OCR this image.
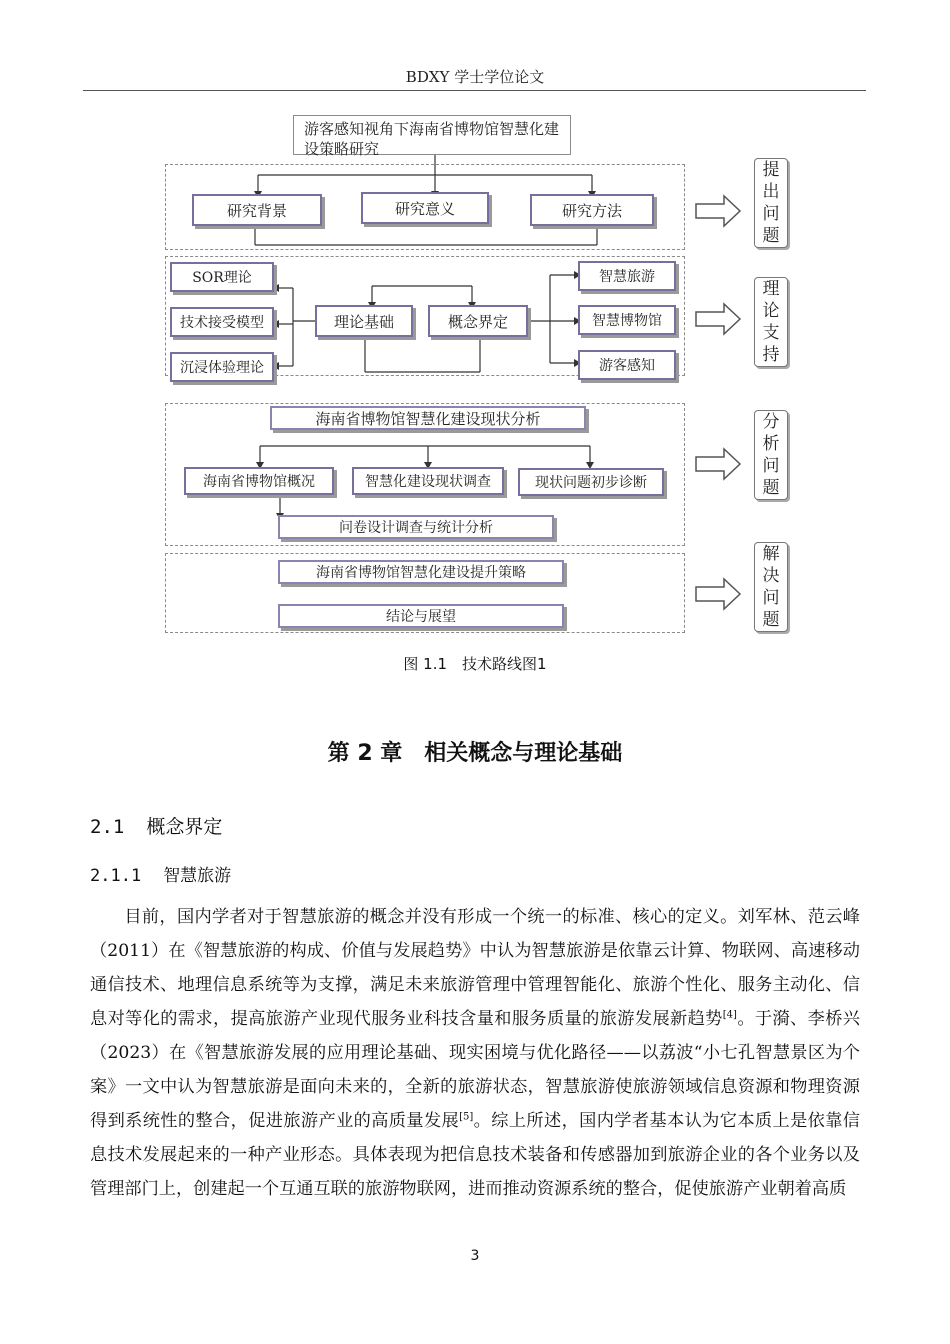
BDXY 学士学位论文
游客感知视角下海南省博物馆智慧化建设策略研究
研究背景	研究意义	研究方法
SOR理论
技术接受模型
沉浸体验理论
理论基础	概念界定
智慧旅游
智慧博物馆
游客感知
海南省博物馆智慧化建设现状分析
海南省博物馆概况	智慧化建设现状调查	现状问题初步诊断
问卷设计调查与统计分析
海南省博物馆智慧化建设提升策略
结论与展望
提
出
问
题
理
论
支
持
分
析
问
题
解
决
问
题
图 1.1　技术路线图1
第 2 章　相关概念与理论基础
2.1 概念界定
2.1.1 智慧旅游

目前，国内学者对于智慧旅游的概念并没有形成一个统一的标准、核心的定义。刘军林、范云峰（2011）在《智慧旅游的构成、价值与发展趋势》中认为智慧旅游是依靠云计算、物联网、高速移动通信技术、地理信息系统等为支撑，满足未来旅游管理中管理智能化、旅游个性化、服务主动化、信息对等化的需求，提高旅游产业现代服务业科技含量和服务质量的旅游发展新趋势[4]。于漪、李桥兴（2023）在《智慧旅游发展的应用理论基础、现实困境与优化路径——以荔波“小七孔智慧景区为个案》一文中认为智慧旅游是面向未来的，全新的旅游状态，智慧旅游使旅游领域信息资源和物理资源得到系统性的整合，促进旅游产业的高质量发展[5]。综上所述，国内学者基本认为它本质上是依靠信息技术发展起来的一种产业形态。具体表现为把信息技术装备和传感器加到旅游企业的各个业务以及管理部门上，创建起一个互通互联的旅游物联网，进而推动资源系统的整合，促使旅游产业朝着高质

3
